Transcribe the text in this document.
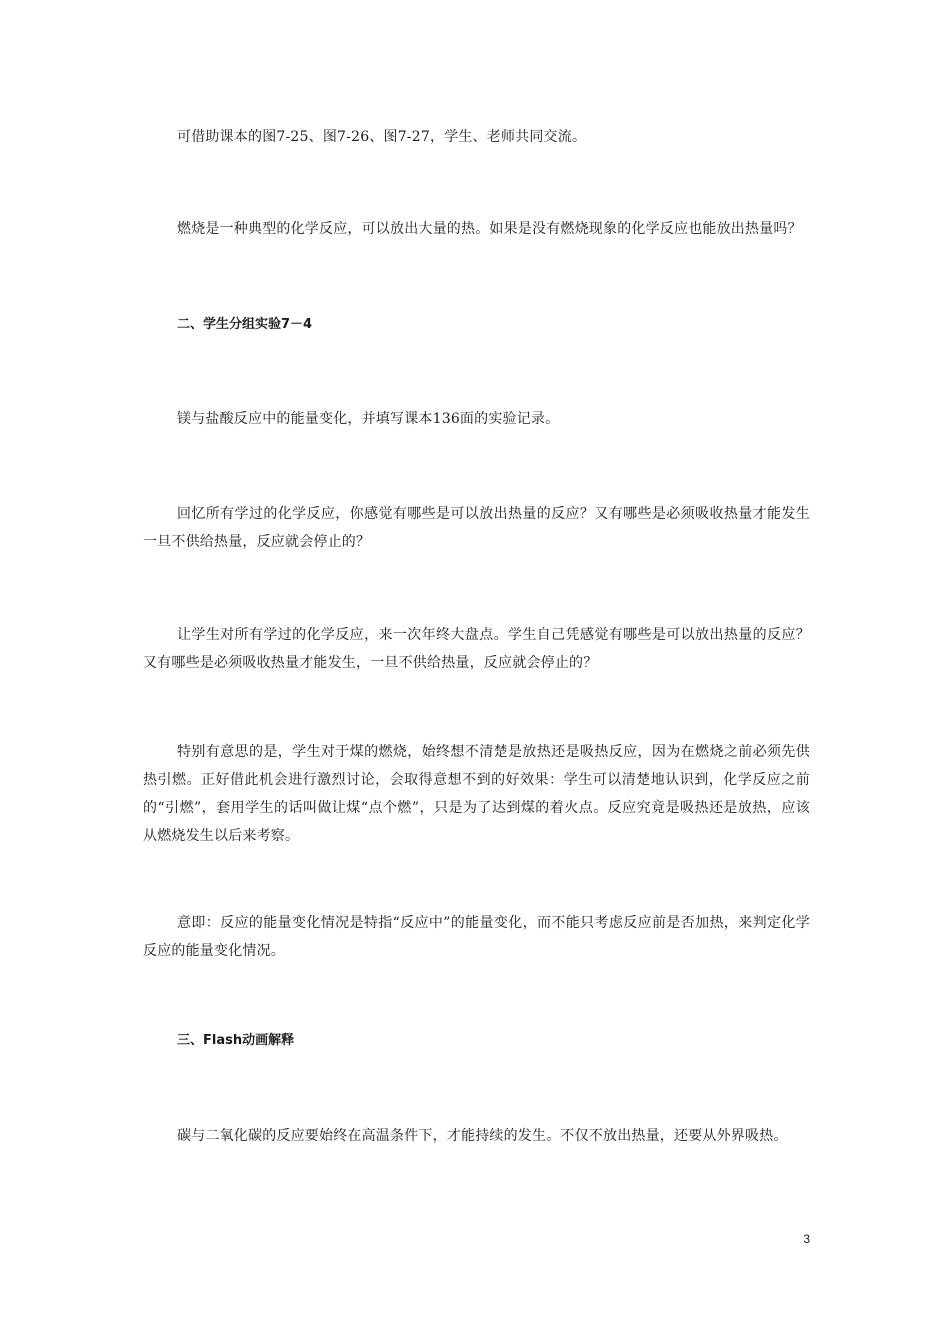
可借助课本的图7-25、图7-26、图7-27，学生、老师共同交流。

燃烧是一种典型的化学反应，可以放出大量的热。如果是没有燃烧现象的化学反应也能放出热量吗？

二、学生分组实验7－4

镁与盐酸反应中的能量变化，并填写课本136面的实验记录。

回忆所有学过的化学反应，你感觉有哪些是可以放出热量的反应？又有哪些是必须吸收热量才能发生一旦不供给热量，反应就会停止的？

让学生对所有学过的化学反应，来一次年终大盘点。学生自己凭感觉有哪些是可以放出热量的反应？又有哪些是必须吸收热量才能发生，一旦不供给热量，反应就会停止的？

特别有意思的是，学生对于煤的燃烧，始终想不清楚是放热还是吸热反应，因为在燃烧之前必须先供热引燃。正好借此机会进行激烈讨论，会取得意想不到的好效果：学生可以清楚地认识到，化学反应之前的“引燃”，套用学生的话叫做让煤“点个燃”，只是为了达到煤的着火点。反应究竟是吸热还是放热，应该从燃烧发生以后来考察。

意即：反应的能量变化情况是特指“反应中”的能量变化，而不能只考虑反应前是否加热，来判定化学反应的能量变化情况。

三、Flash动画解释

碳与二氧化碳的反应要始终在高温条件下，才能持续的发生。不仅不放出热量，还要从外界吸热。

3
